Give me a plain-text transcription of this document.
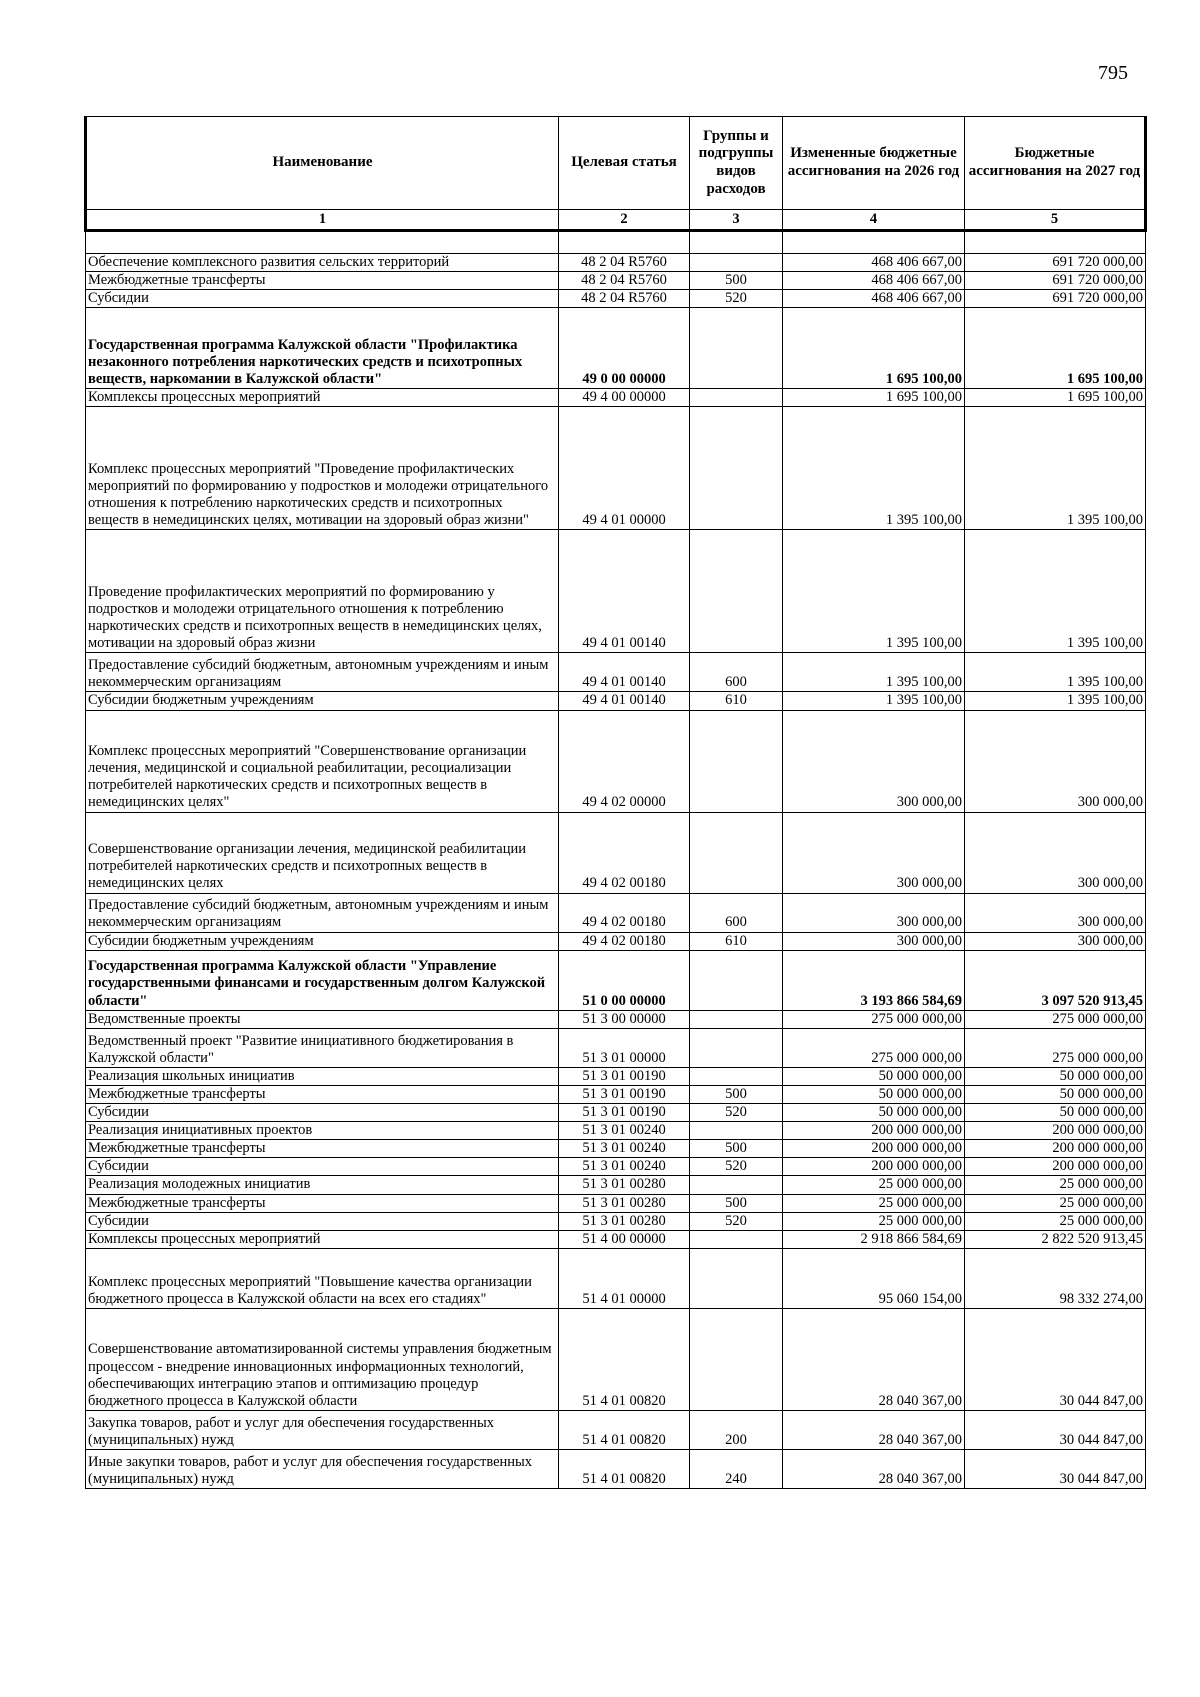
795
Наименование	Целевая статья	Группы и подгруппы видов расходов	Измененные бюджетные ассигнования на 2026 год	Бюджетные ассигнования на 2027 год
1	2	3	4	5

Обеспечение комплексного развития сельских территорий	48 2 04 R5760		468 406 667,00	691 720 000,00
Межбюджетные трансферты	48 2 04 R5760	500	468 406 667,00	691 720 000,00
Субсидии	48 2 04 R5760	520	468 406 667,00	691 720 000,00
Государственная программа Калужской области "Профилактика незаконного потребления наркотических средств и психотропных веществ, наркомании в Калужской области"	49 0 00 00000		1 695 100,00	1 695 100,00
Комплексы процессных мероприятий	49 4 00 00000		1 695 100,00	1 695 100,00
Комплекс процессных мероприятий "Проведение профилактических мероприятий по формированию у подростков и молодежи отрицательного отношения к потреблению наркотических средств и психотропных веществ в немедицинских целях, мотивации на здоровый образ жизни"	49 4 01 00000		1 395 100,00	1 395 100,00
Проведение профилактических мероприятий по формированию у подростков и молодежи отрицательного отношения к потреблению наркотических средств и психотропных веществ в немедицинских целях, мотивации на здоровый образ жизни	49 4 01 00140		1 395 100,00	1 395 100,00
Предоставление субсидий бюджетным, автономным учреждениям и иным некоммерческим организациям	49 4 01 00140	600	1 395 100,00	1 395 100,00
Субсидии бюджетным учреждениям	49 4 01 00140	610	1 395 100,00	1 395 100,00
Комплекс процессных мероприятий "Совершенствование организации лечения, медицинской и социальной реабилитации, ресоциализации потребителей наркотических средств и психотропных веществ в немедицинских целях"	49 4 02 00000		300 000,00	300 000,00
Совершенствование организации лечения, медицинской реабилитации потребителей наркотических средств и психотропных веществ в немедицинских целях	49 4 02 00180		300 000,00	300 000,00
Предоставление субсидий бюджетным, автономным учреждениям и иным некоммерческим организациям	49 4 02 00180	600	300 000,00	300 000,00
Субсидии бюджетным учреждениям	49 4 02 00180	610	300 000,00	300 000,00
Государственная программа Калужской области "Управление государственными финансами и государственным долгом Калужской области"	51 0 00 00000		3 193 866 584,69	3 097 520 913,45
Ведомственные проекты	51 3 00 00000		275 000 000,00	275 000 000,00
Ведомственный проект "Развитие инициативного бюджетирования в Калужской области"	51 3 01 00000		275 000 000,00	275 000 000,00
Реализация школьных инициатив	51 3 01 00190		50 000 000,00	50 000 000,00
Межбюджетные трансферты	51 3 01 00190	500	50 000 000,00	50 000 000,00
Субсидии	51 3 01 00190	520	50 000 000,00	50 000 000,00
Реализация инициативных проектов	51 3 01 00240		200 000 000,00	200 000 000,00
Межбюджетные трансферты	51 3 01 00240	500	200 000 000,00	200 000 000,00
Субсидии	51 3 01 00240	520	200 000 000,00	200 000 000,00
Реализация молодежных инициатив	51 3 01 00280		25 000 000,00	25 000 000,00
Межбюджетные трансферты	51 3 01 00280	500	25 000 000,00	25 000 000,00
Субсидии	51 3 01 00280	520	25 000 000,00	25 000 000,00
Комплексы процессных мероприятий	51 4 00 00000		2 918 866 584,69	2 822 520 913,45
Комплекс процессных мероприятий "Повышение качества организации бюджетного процесса в Калужской области на всех его стадиях"	51 4 01 00000		95 060 154,00	98 332 274,00
Совершенствование автоматизированной системы управления бюджетным процессом - внедрение инновационных информационных технологий, обеспечивающих интеграцию этапов и оптимизацию процедур бюджетного процесса в Калужской области	51 4 01 00820		28 040 367,00	30 044 847,00
Закупка товаров, работ и услуг для обеспечения государственных (муниципальных) нужд	51 4 01 00820	200	28 040 367,00	30 044 847,00
Иные закупки товаров, работ и услуг для обеспечения государственных (муниципальных) нужд	51 4 01 00820	240	28 040 367,00	30 044 847,00
